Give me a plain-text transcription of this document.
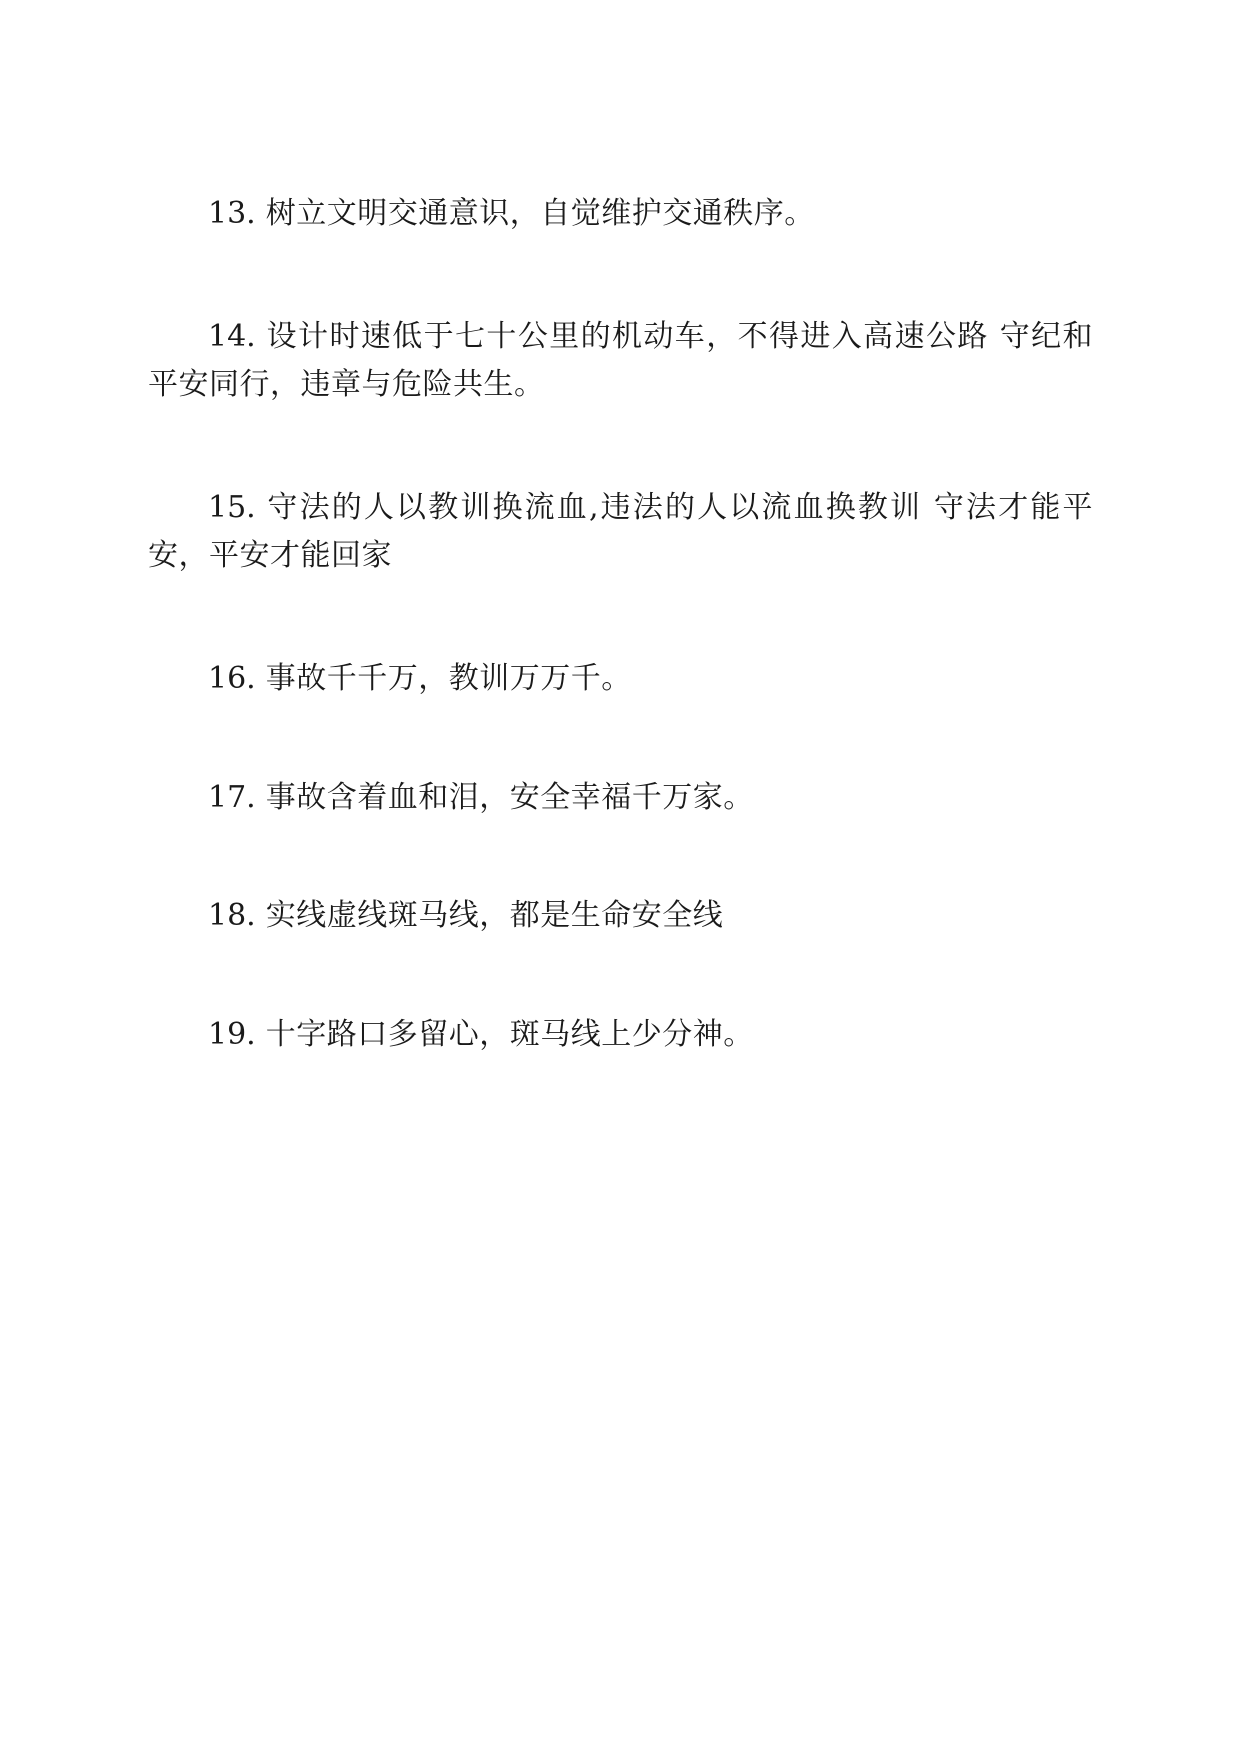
13. 树立文明交通意识，自觉维护交通秩序。

14. 设计时速低于七十公里的机动车，不得进入高速公路 守纪和平安同行，违章与危险共生。

15. 守法的人以教训换流血,违法的人以流血换教训 守法才能平安，平安才能回家

16. 事故千千万，教训万万千。

17. 事故含着血和泪，安全幸福千万家。

18. 实线虚线斑马线，都是生命安全线

19. 十字路口多留心，斑马线上少分神。
